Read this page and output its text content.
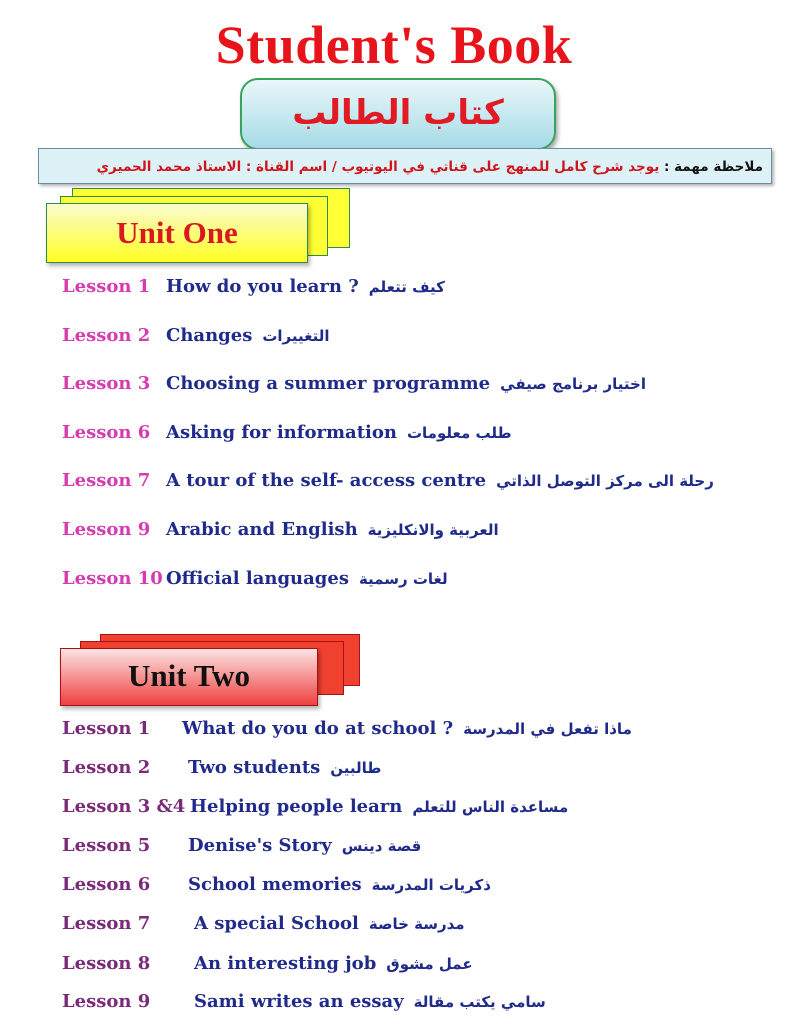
Student's Book
كتاب الطالب
ملاحظة مهمة : يوجد شرح كامل للمنهج على قناتي في اليوتيوب / اسم القناة : الاستاذ محمد الحميري
Unit One
Lesson 1 How do you learn ? كيف تتعلم
Lesson 2 Changes التغييرات
Lesson 3 Choosing a summer programme اختيار برنامج صيفي
Lesson 6 Asking for information طلب معلومات
Lesson 7 A tour of the self- access centre رحلة الى مركز التوصل الذاتي
Lesson 9 Arabic and English العربية والانكليزية
Lesson 10 Official languages لغات رسمية
Unit Two
Lesson 1 What do you do at school ? ماذا تفعل في المدرسة
Lesson 2 Two students طالبين
Lesson 3 &4 Helping people learn مساعدة الناس للتعلم
Lesson 5 Denise's Story قصة دينس
Lesson 6 School memories ذكريات المدرسة
Lesson 7 A special School مدرسة خاصة
Lesson 8 An interesting job عمل مشوق
Lesson 9 Sami writes an essay سامي يكتب مقالة
